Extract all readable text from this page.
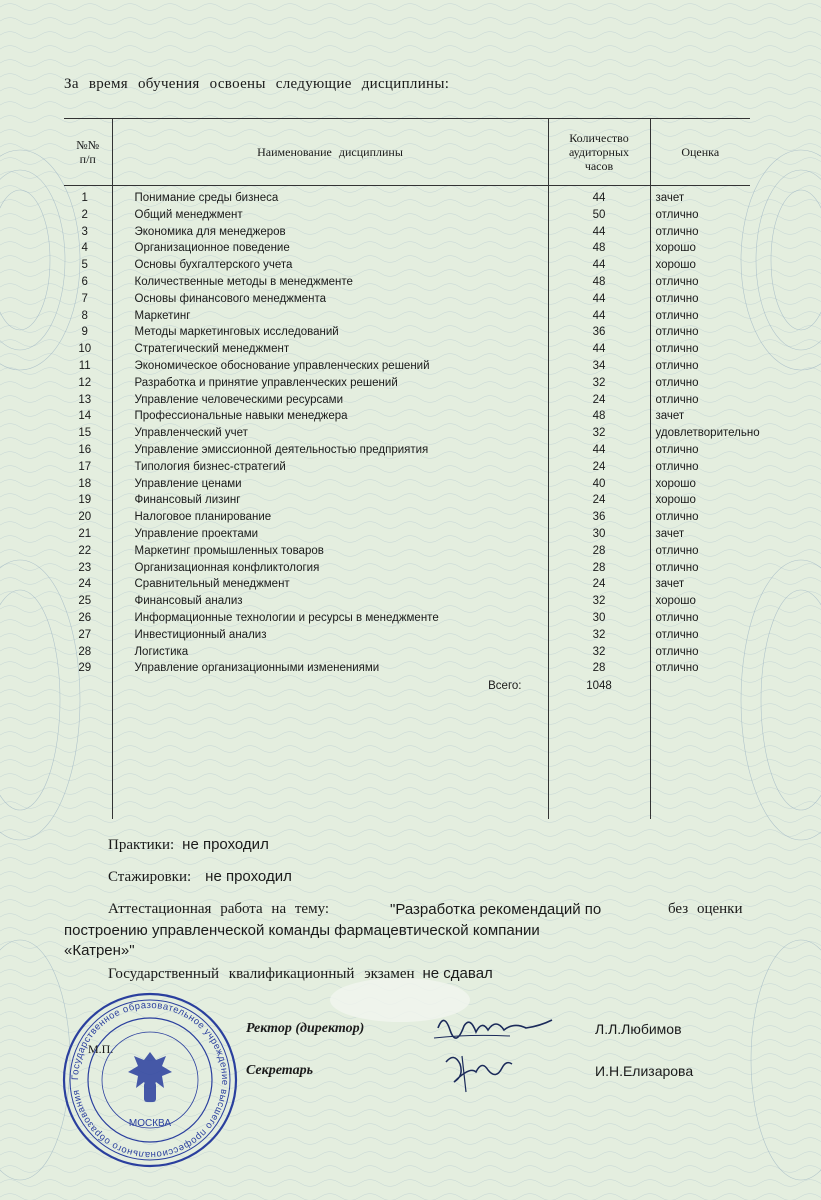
За время обучения освоены следующие дисциплины:
№№
п/п	Наименование дисциплины	Количество
аудиторных
часов	Оценка

1	Понимание среды бизнеса	44	зачет
2	Общий менеджмент	50	отлично
3	Экономика для менеджеров	44	отлично
4	Организационное поведение	48	хорошо
5	Основы бухгалтерского учета	44	хорошо
6	Количественные методы в менеджменте	48	отлично
7	Основы финансового менеджмента	44	отлично
8	Маркетинг	44	отлично
9	Методы маркетинговых исследований	36	отлично
10	Стратегический менеджмент	44	отлично
11	Экономическое обоснование управленческих решений	34	отлично
12	Разработка и принятие управленческих решений	32	отлично
13	Управление человеческими ресурсами	24	отлично
14	Профессиональные навыки менеджера	48	зачет
15	Управленческий учет	32	удовлетворительно
16	Управление эмиссионной деятельностью предприятия	44	отлично
17	Типология бизнес-стратегий	24	отлично
18	Управление ценами	40	хорошо
19	Финансовый лизинг	24	хорошо
20	Налоговое планирование	36	отлично
21	Управление проектами	30	зачет
22	Маркетинг промышленных товаров	28	отлично
23	Организационная конфликтология	28	отлично
24	Сравнительный менеджмент	24	зачет
25	Финансовый анализ	32	хорошо
26	Информационные технологии и ресурсы в менеджменте	30	отлично
27	Инвестиционный анализ	32	отлично
28	Логистика	32	отлично
29	Управление организационными изменениями	28	отлично
	Всего:	1048	

Практики: не проходил
Стажировки: не проходил
Аттестационная работа на тему:	"Разработка рекомендаций по	без оценки
построению управленческой команды фармацевтической компании
«Катрен»"
Государственный квалификационный экзамен не сдавал
Государственное образовательное учреждение высшего профессионального образования
МОСКВА
М.П.
Ректор (директор)	Л.Л.Любимов
Секретарь	И.Н.Елизарова
